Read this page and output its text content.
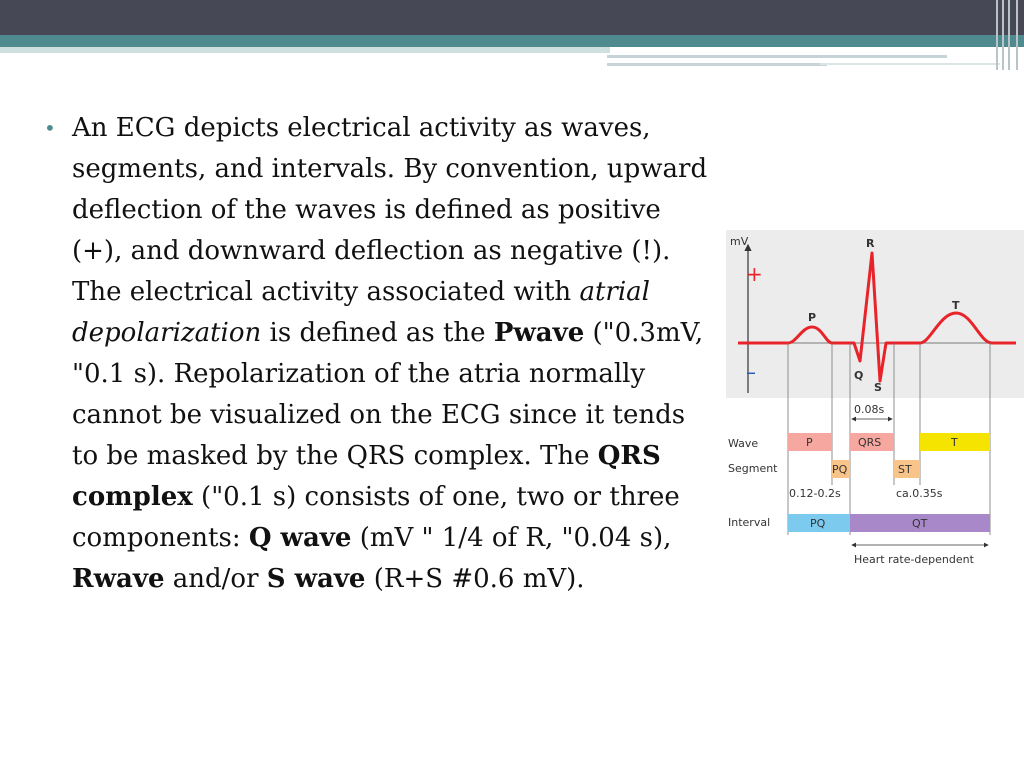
• An ECG depicts electrical activity as waves, segments, and intervals. By convention, upward deflection of the waves is defined as positive (+), and downward deflection as negative (!). The electrical activity associated with atrial depolarization is defined as the Pwave ("0.3mV, "0.1 s). Repolarization of the atria normally cannot be visualized on the ECG since it tends to be masked by the QRS complex. The QRS complex ("0.1 s) consists of one, two or three components: Q wave (mV " 1/4 of R, "0.04 s), Rwave and/or S wave (R+S #0.6 mV).
mV
+
–
P
R
Q
S
T
0.08s
Wave
Segment
Interval
P	QRS	T
PQ	ST
0.12-0.2s	ca.0.35s
PQ	QT
Heart rate-dependent
